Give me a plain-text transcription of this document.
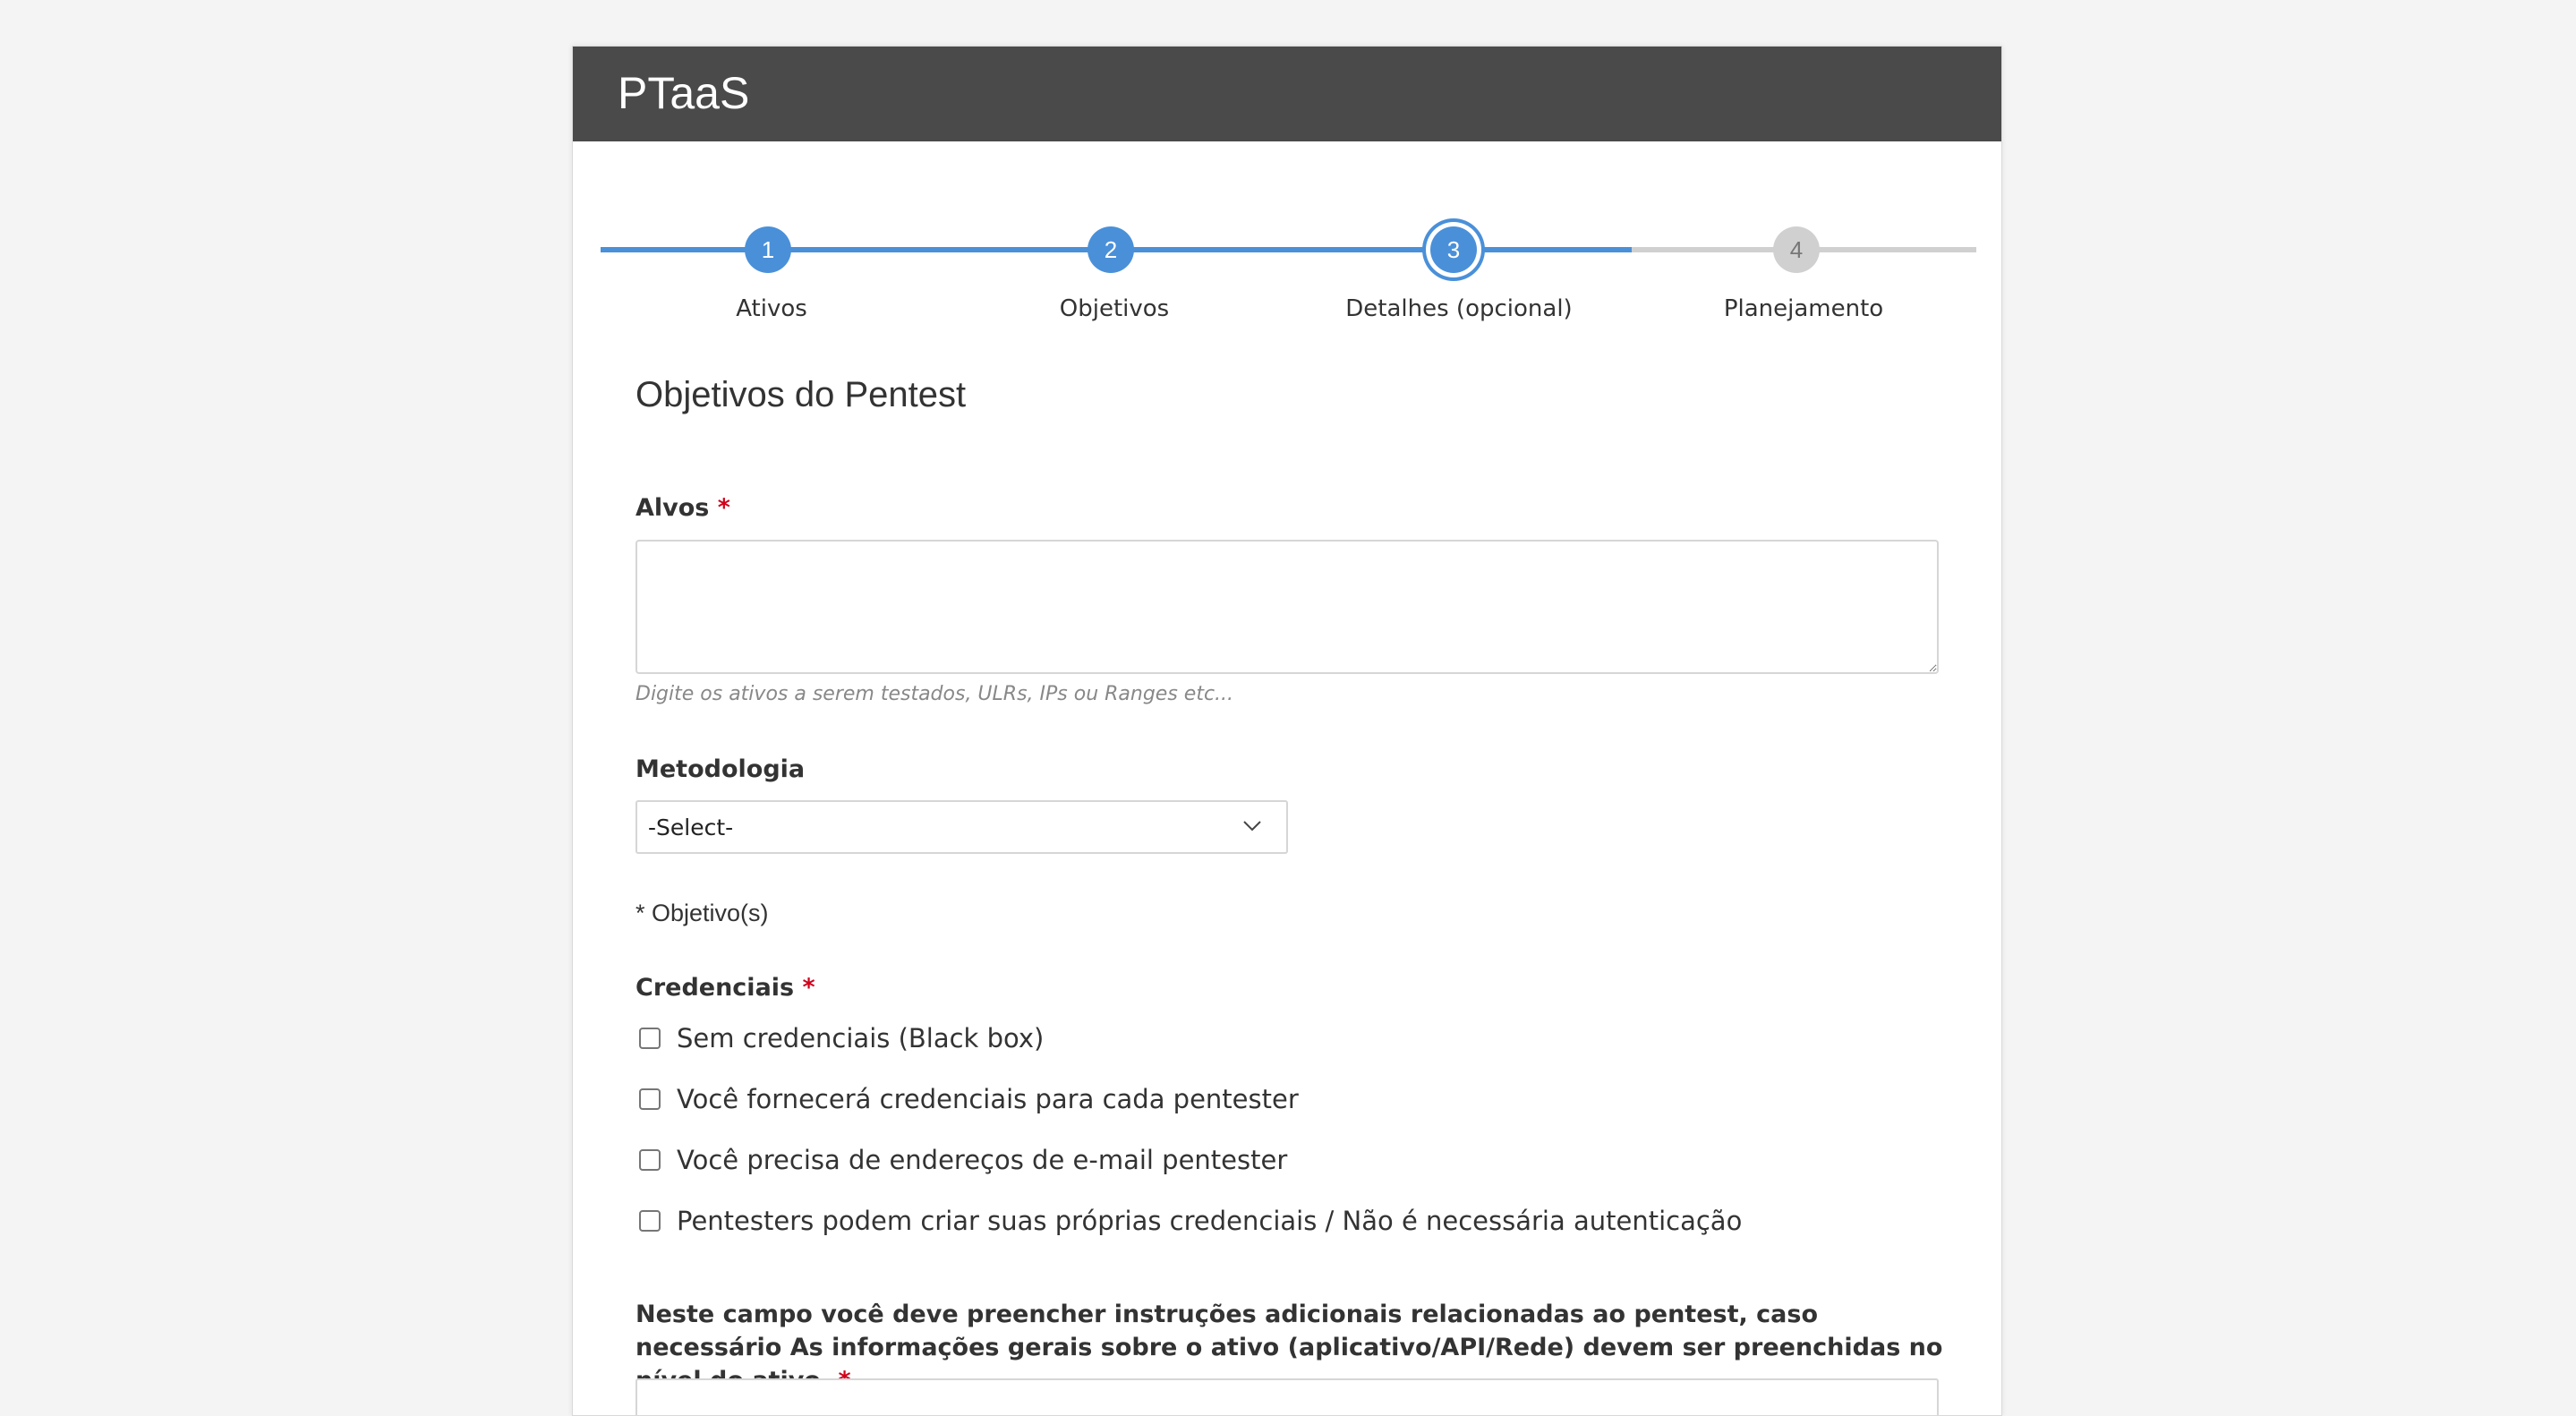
PTaaS
1
Ativos
2
Objetivos
3
Detalhes (opcional)
4
Planejamento
Objetivos do Pentest
Alvos *
Digite os ativos a serem testados, ULRs, IPs ou Ranges etc...
Metodologia
-Select-
* Objetivo(s)
Credenciais *
Sem credenciais (Black box)
Você fornecerá credenciais para cada pentester
Você precisa de endereços de e-mail pentester
Pentesters podem criar suas próprias credenciais / Não é necessária autenticação
Neste campo você deve preencher instruções adicionais relacionadas ao pentest, caso necessário As informações gerais sobre o ativo (aplicativo/API/Rede) devem ser preenchidas no
